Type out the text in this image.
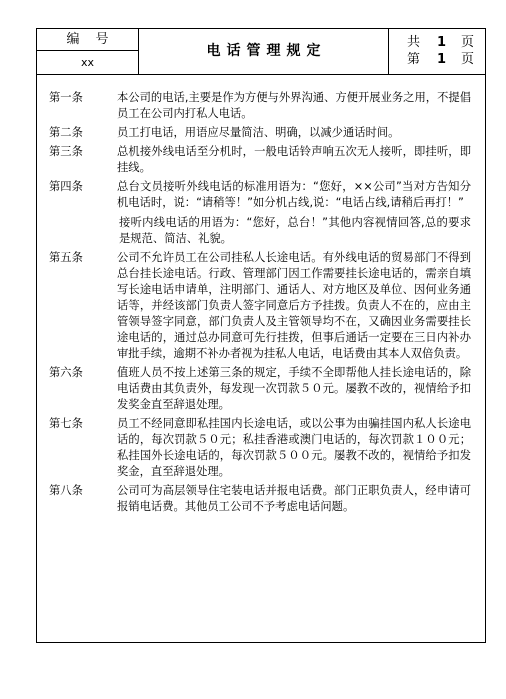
编号
xx
电话管理规定
共 1 页
第 1 页
第一条	本公司的电话,主要是作为方便与外界沟通、方便开展业务之用，不提倡员工在公司内打私人电话。

第二条	员工打电话，用语应尽量简洁、明确，以减少通话时间。

第三条	总机接外线电话至分机时，一般电话铃声响五次无人接听，即挂听，即挂线。

第四条	总台文员接听外线电话的标准用语为：“您好，××公司”当对方告知分机电话时，说：“请稍等！”如分机占线,说：“电话占线,请稍后再打！”

接听内线电话的用语为：“您好，总台！”其他内容视情回答,总的要求是规范、简洁、礼貌。

第五条	公司不允许员工在公司挂私人长途电话。有外线电话的贸易部门不得到总台挂长途电话。行政、管理部门因工作需要挂长途电话的，需亲自填写长途电话申请单，注明部门、通话人、对方地区及单位、因何业务通话等，并经该部门负责人签字同意后方予挂拨。负责人不在的，应由主管领导签字同意，部门负责人及主管领导均不在，又确因业务需要挂长途电话的，通过总办同意可先行挂拨，但事后通话一定要在三日内补办审批手续，逾期不补办者视为挂私人电话，电话费由其本人双倍负责。

第六条	值班人员不按上述第三条的规定，手续不全即帮他人挂长途电话的，除电话费由其负责外，每发现一次罚款５０元。屡教不改的，视情给予扣发奖金直至辞退处理。

第七条	员工不经同意即私挂国内长途电话，或以公事为由骗挂国内私人长途电话的，每次罚款５０元；私挂香港或澳门电话的，每次罚款１００元；私挂国外长途电话的，每次罚款５００元。屡教不改的，视情给予扣发奖金，直至辞退处理。

第八条	公司可为高层领导住宅装电话并报电话费。部门正职负责人，经申请可报销电话费。其他员工公司不予考虑电话问题。
